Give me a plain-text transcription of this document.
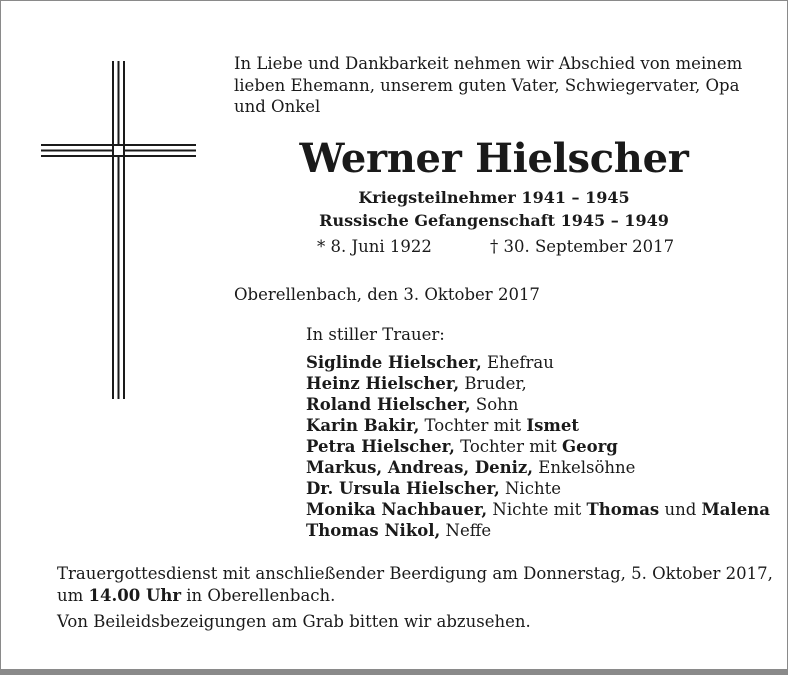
In Liebe und Dankbarkeit nehmen wir Abschied von meinem lieben Ehemann, unserem guten Vater, Schwiegervater, Opa und Onkel

Werner Hielscher

Kriegsteilnehmer 1941 – 1945

Russische Gefangenschaft 1945 – 1949

* 8. Juni 1922	† 30. September 2017

Oberellenbach, den 3. Oktober 2017

In stiller Trauer:
Siglinde Hielscher, Ehefrau
Heinz Hielscher, Bruder,
Roland Hielscher, Sohn
Karin Bakir, Tochter mit Ismet
Petra Hielscher, Tochter mit Georg
Markus, Andreas, Deniz, Enkelsöhne
Dr. Ursula Hielscher, Nichte
Monika Nachbauer, Nichte mit Thomas und Malena
Thomas Nikol, Neffe

Trauergottesdienst mit anschließender Beerdigung am Donnerstag, 5. Oktober 2017,
um 14.00 Uhr in Oberellenbach.

Von Beileidsbezeigungen am Grab bitten wir abzusehen.
